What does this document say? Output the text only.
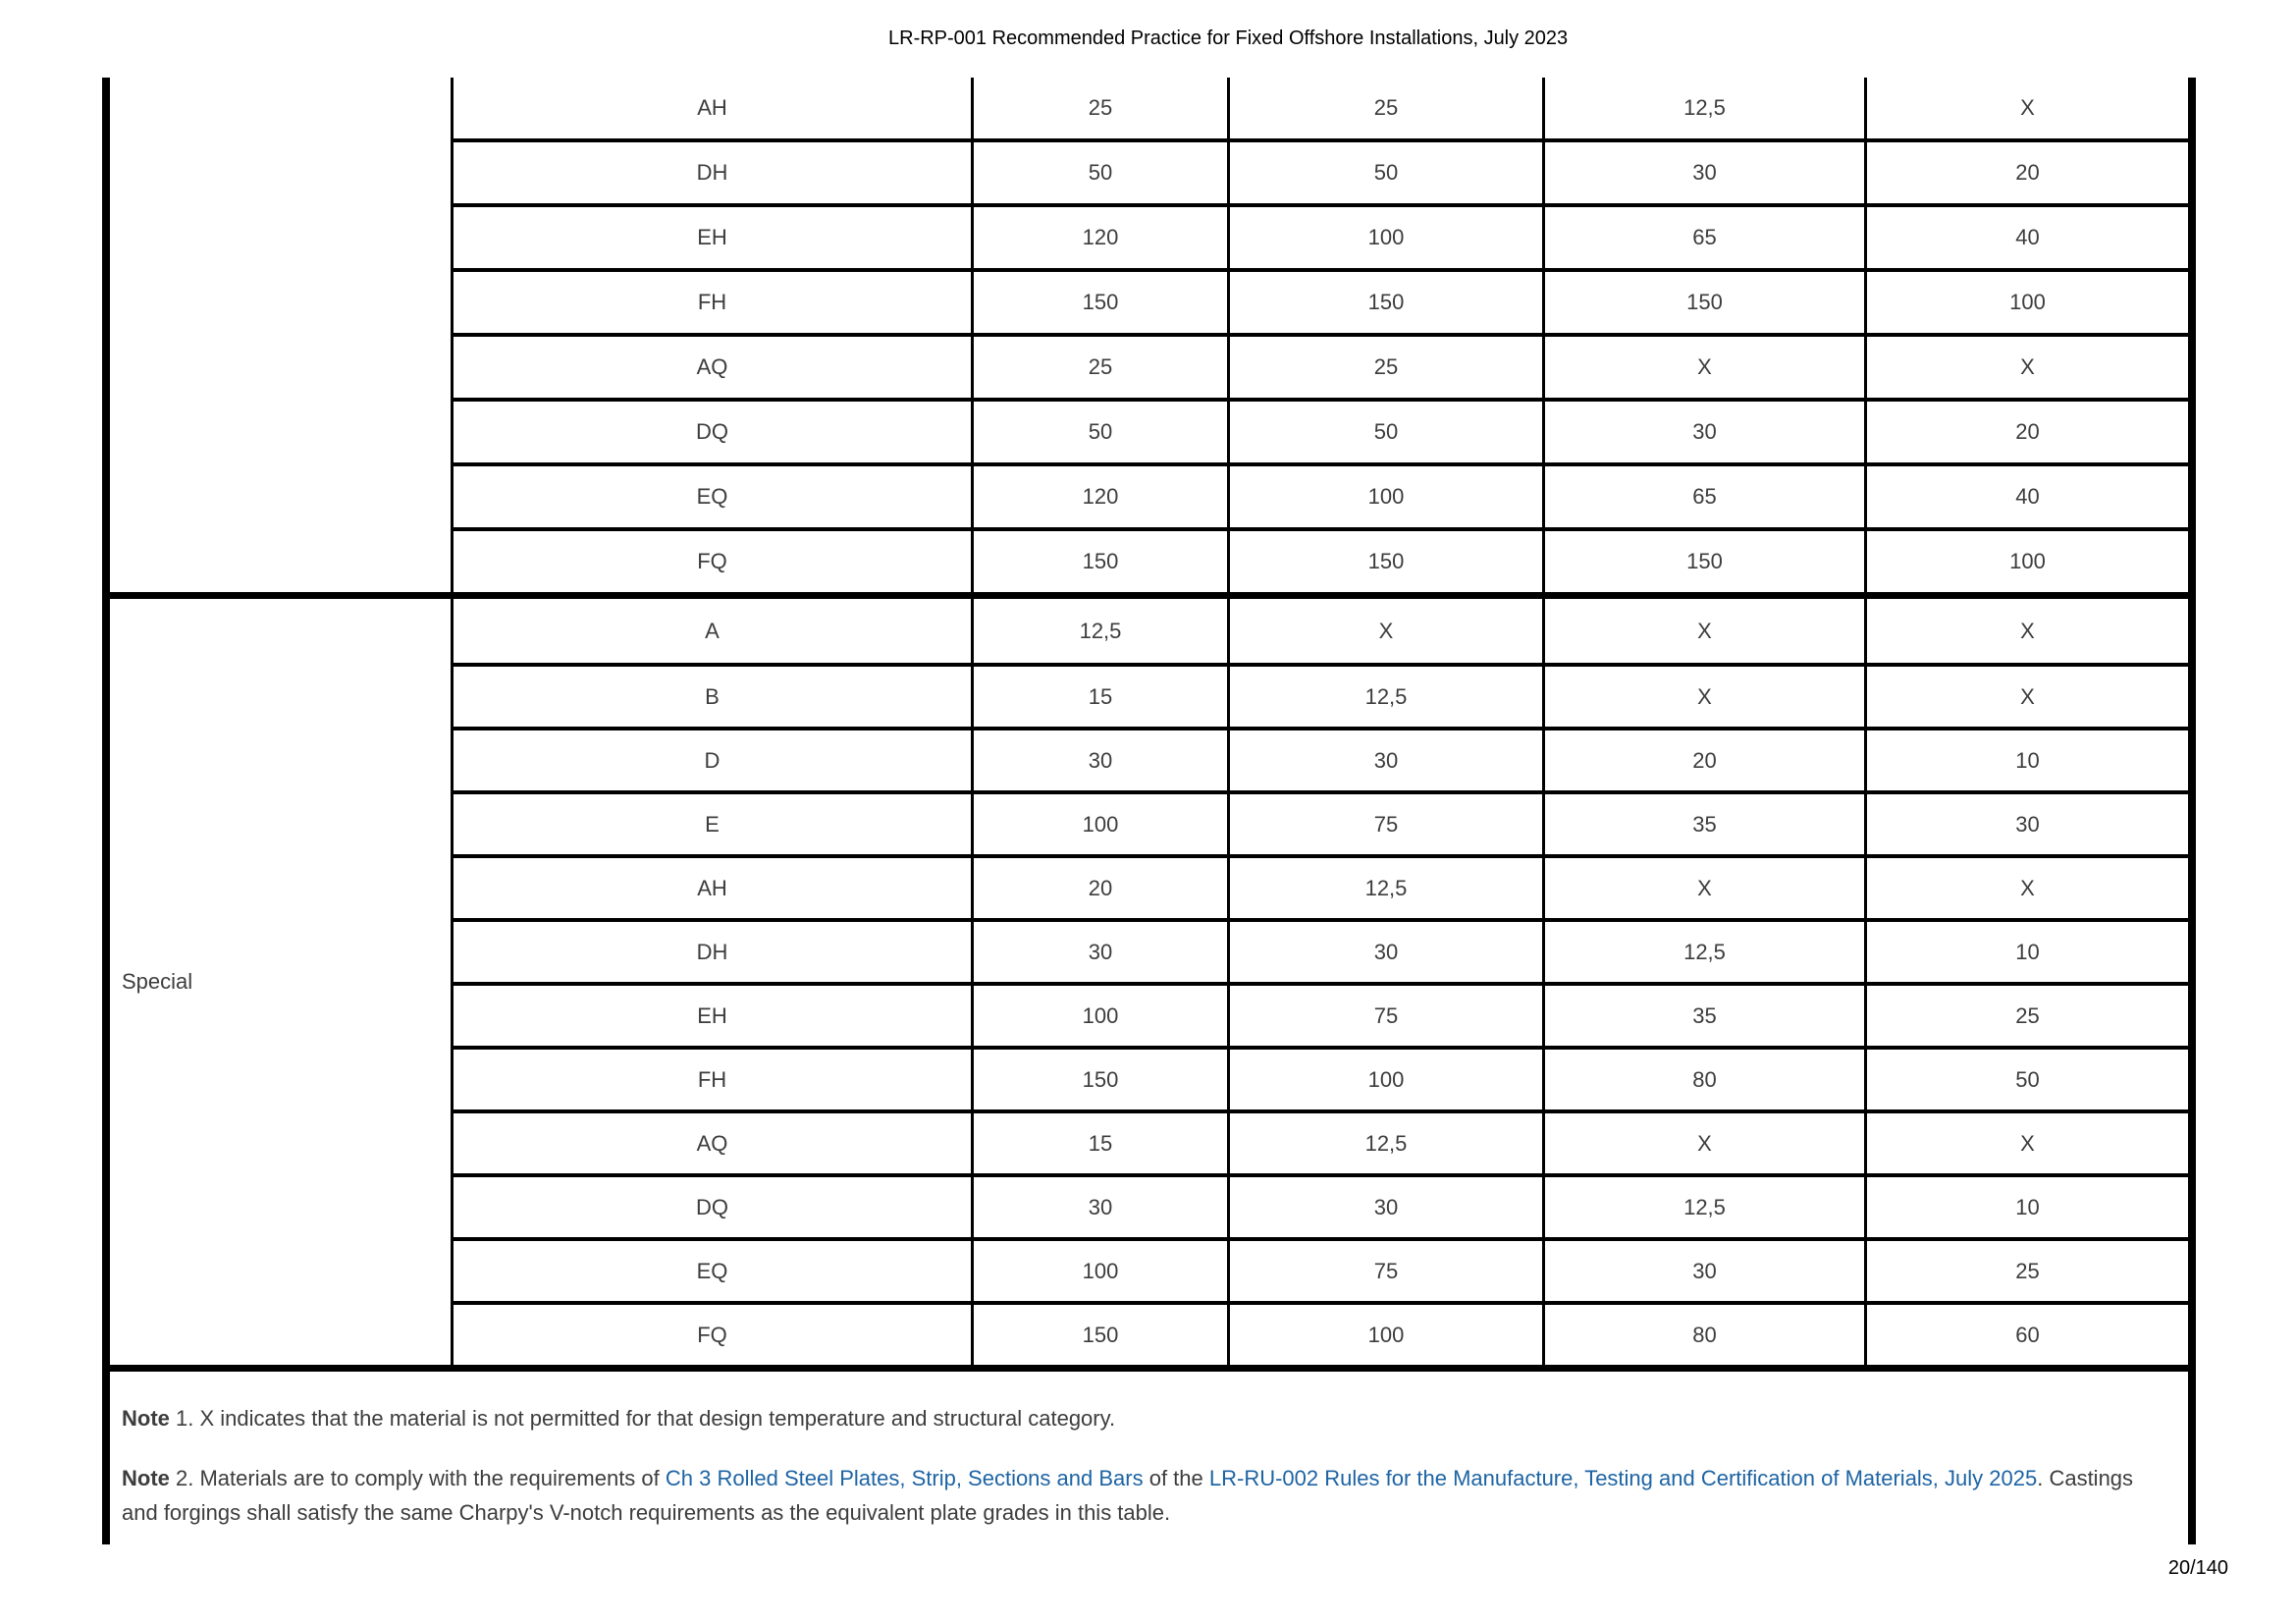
LR-RP-001 Recommended Practice for Fixed Offshore Installations, July 2023
AH	25	25	12,5	X
DH	50	50	30	20
EH	120	100	65	40
FH	150	150	150	100
AQ	25	25	X	X
DQ	50	50	30	20
EQ	120	100	65	40
FQ	150	150	150	100
Special
A	12,5	X	X	X
B	15	12,5	X	X
D	30	30	20	10
E	100	75	35	30
AH	20	12,5	X	X
DH	30	30	12,5	10
EH	100	75	35	25
FH	150	100	80	50
AQ	15	12,5	X	X
DQ	30	30	12,5	10
EQ	100	75	30	25
FQ	150	100	80	60

Note 1. X indicates that the material is not permitted for that design temperature and structural category.

Note 2. Materials are to comply with the requirements of Ch 3 Rolled Steel Plates, Strip, Sections and Bars of the LR-RU-002 Rules for the Manufacture, Testing and Certification of Materials, July 2025. Castings and forgings shall satisfy the same Charpy's V-notch requirements as the equivalent plate grades in this table.

20/140
